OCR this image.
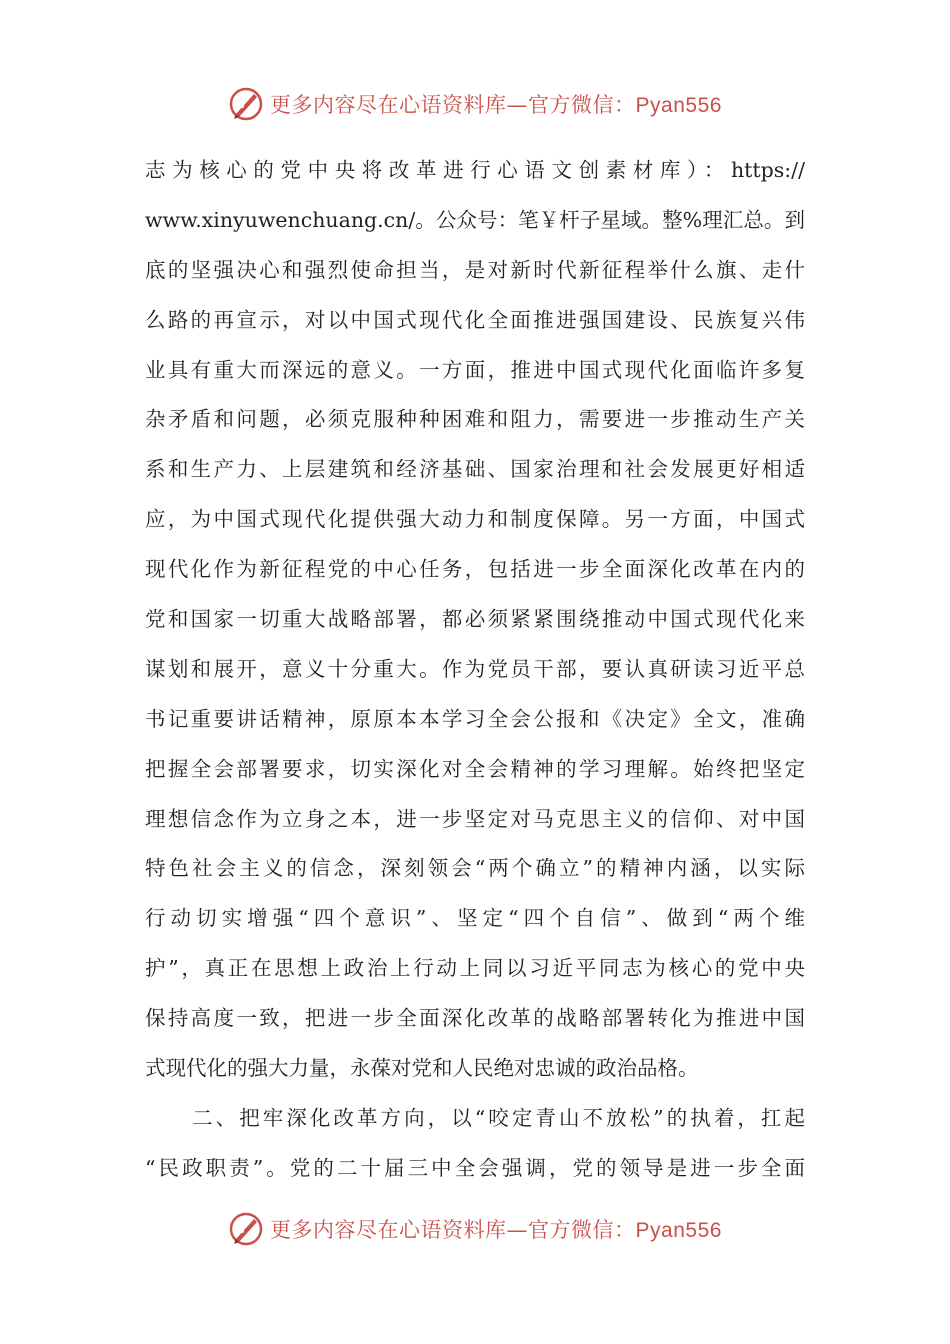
更多内容尽在心语资料库—官方微信：Pyan556
志为核心的党中央将改革进行心语文创素材库）：https://
www.xinyuwenchuang.cn/。公众号：笔￥杆子星域。整%理汇总。到
底的坚强决心和强烈使命担当，是对新时代新征程举什么旗、走什
么路的再宣示，对以中国式现代化全面推进强国建设、民族复兴伟
业具有重大而深远的意义。一方面，推进中国式现代化面临许多复
杂矛盾和问题，必须克服种种困难和阻力，需要进一步推动生产关
系和生产力、上层建筑和经济基础、国家治理和社会发展更好相适
应，为中国式现代化提供强大动力和制度保障。另一方面，中国式
现代化作为新征程党的中心任务，包括进一步全面深化改革在内的
党和国家一切重大战略部署，都必须紧紧围绕推动中国式现代化来
谋划和展开，意义十分重大。作为党员干部，要认真研读习近平总
书记重要讲话精神，原原本本学习全会公报和《决定》全文，准确
把握全会部署要求，切实深化对全会精神的学习理解。始终把坚定
理想信念作为立身之本，进一步坚定对马克思主义的信仰、对中国
特色社会主义的信念，深刻领会“两个确立”的精神内涵，以实际
行动切实增强“四个意识”、坚定“四个自信”、做到“两个维
护”，真正在思想上政治上行动上同以习近平同志为核心的党中央
保持高度一致，把进一步全面深化改革的战略部署转化为推进中国
式现代化的强大力量，永葆对党和人民绝对忠诚的政治品格。
　　二、把牢深化改革方向，以“咬定青山不放松”的执着，扛起
“民政职责”。党的二十届三中全会强调，党的领导是进一步全面
更多内容尽在心语资料库—官方微信：Pyan556
